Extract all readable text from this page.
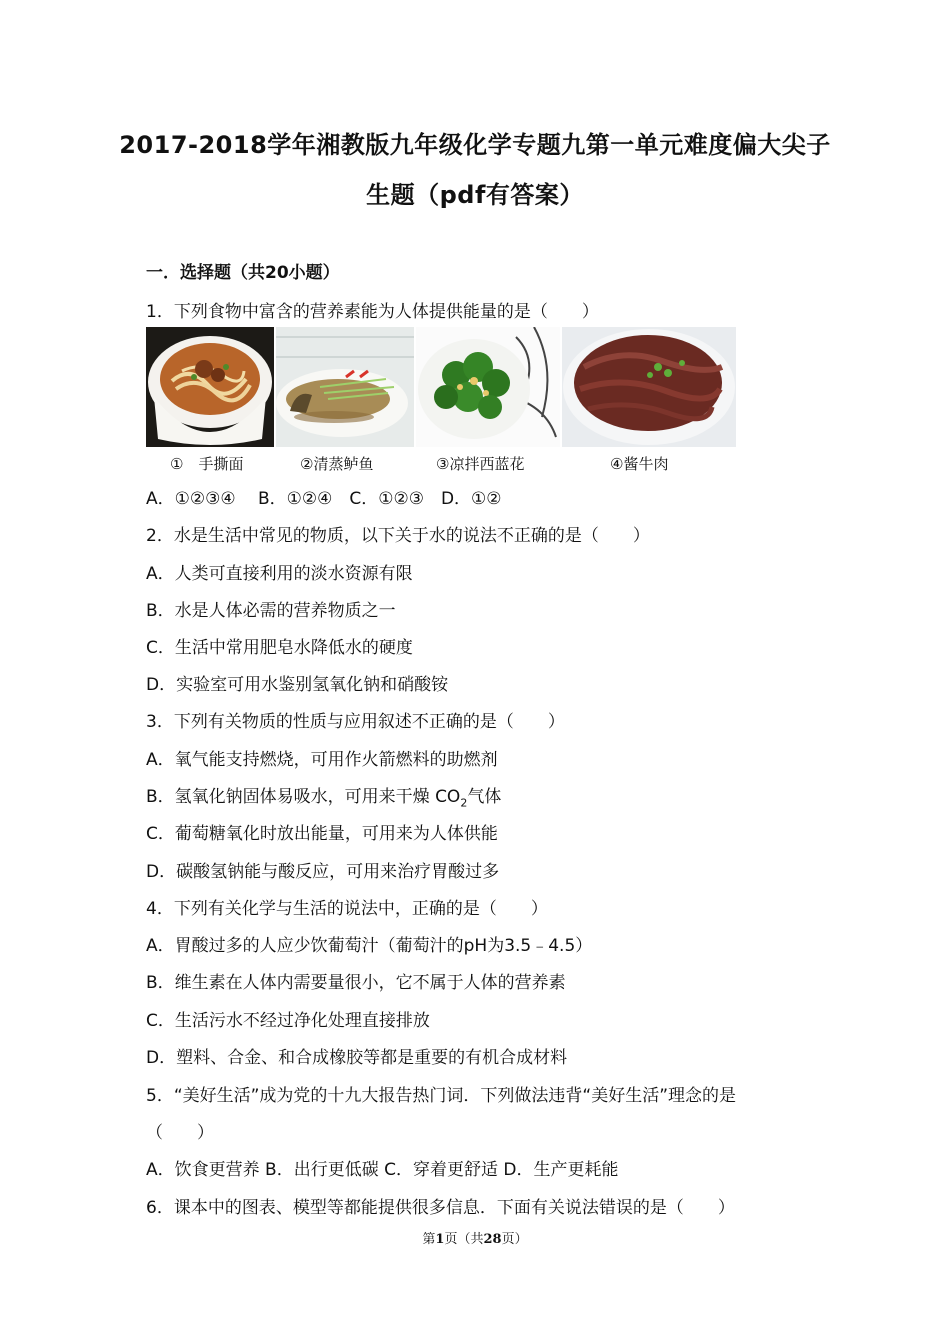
2017-2018学年湘教版九年级化学专题九第一单元难度偏大尖子
生题（pdf有答案）
一．选择题（共20小题）
1．下列食物中富含的营养素能为人体提供能量的是（　　）
①　手撕面	②清蒸鲈鱼	③凉拌西蓝花	④酱牛肉
A．①②③④　 B．①②④　C．①②③　D．①②
2．水是生活中常见的物质，以下关于水的说法不正确的是（　　）
A．人类可直接利用的淡水资源有限
B．水是人体必需的营养物质之一
C．生活中常用肥皂水降低水的硬度
D．实验室可用水鉴别氢氧化钠和硝酸铵
3．下列有关物质的性质与应用叙述不正确的是（　　）
A．氧气能支持燃烧，可用作火箭燃料的助燃剂
B．氢氧化钠固体易吸水，可用来干燥 $CO_2$气体
C．葡萄糖氧化时放出能量，可用来为人体供能
D．碳酸氢钠能与酸反应，可用来治疗胃酸过多
4．下列有关化学与生活的说法中，正确的是（　　）
A．胃酸过多的人应少饮葡萄汁（葡萄汁的pH为3.5﹣4.5）
B．维生素在人体内需要量很小，它不属于人体的营养素
C．生活污水不经过净化处理直接排放
D．塑料、合金、和合成橡胶等都是重要的有机合成材料
5．“美好生活”成为党的十九大报告热门词．下列做法违背“美好生活”理念的是
（　　）
A．饮食更营养 B．出行更低碳 C．穿着更舒适 D．生产更耗能
6．课本中的图表、模型等都能提供很多信息．下面有关说法错误的是（　　）
第1页（共28页）
